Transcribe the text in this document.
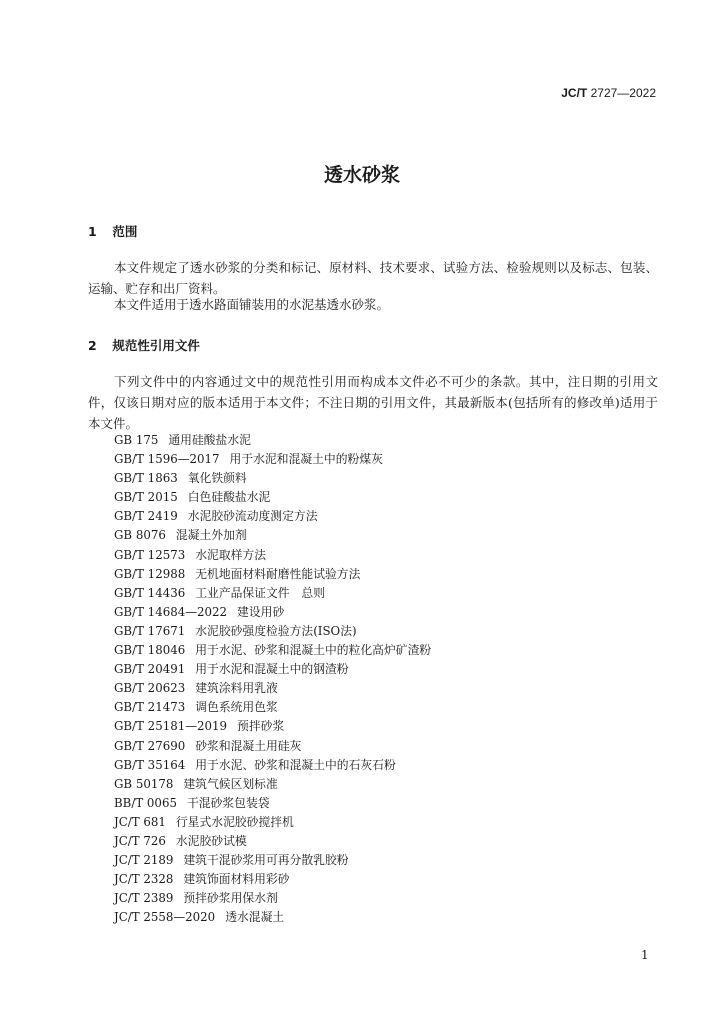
JC/T 2727—2022
透水砂浆
1 范围

本文件规定了透水砂浆的分类和标记、原材料、技术要求、试验方法、检验规则以及标志、包装、运输、贮存和出厂资料。

本文件适用于透水路面铺装用的水泥基透水砂浆。

2 规范性引用文件

下列文件中的内容通过文中的规范性引用而构成本文件必不可少的条款。其中，注日期的引用文件，仅该日期对应的版本适用于本文件；不注日期的引用文件，其最新版本(包括所有的修改单)适用于本文件。

GB 175 通用硅酸盐水泥
GB/T 1596—2017 用于水泥和混凝土中的粉煤灰
GB/T 1863 氧化铁颜料
GB/T 2015 白色硅酸盐水泥
GB/T 2419 水泥胶砂流动度测定方法
GB 8076 混凝土外加剂
GB/T 12573 水泥取样方法
GB/T 12988 无机地面材料耐磨性能试验方法
GB/T 14436 工业产品保证文件　总则
GB/T 14684—2022 建设用砂
GB/T 17671 水泥胶砂强度检验方法(ISO法)
GB/T 18046 用于水泥、砂浆和混凝土中的粒化高炉矿渣粉
GB/T 20491 用于水泥和混凝土中的钢渣粉
GB/T 20623 建筑涂料用乳液
GB/T 21473 调色系统用色浆
GB/T 25181—2019 预拌砂浆
GB/T 27690 砂浆和混凝土用硅灰
GB/T 35164 用于水泥、砂浆和混凝土中的石灰石粉
GB 50178 建筑气候区划标准
BB/T 0065 干混砂浆包装袋
JC/T 681 行星式水泥胶砂搅拌机
JC/T 726 水泥胶砂试模
JC/T 2189 建筑干混砂浆用可再分散乳胶粉
JC/T 2328 建筑饰面材料用彩砂
JC/T 2389 预拌砂浆用保水剂
JC/T 2558—2020 透水混凝土
1
